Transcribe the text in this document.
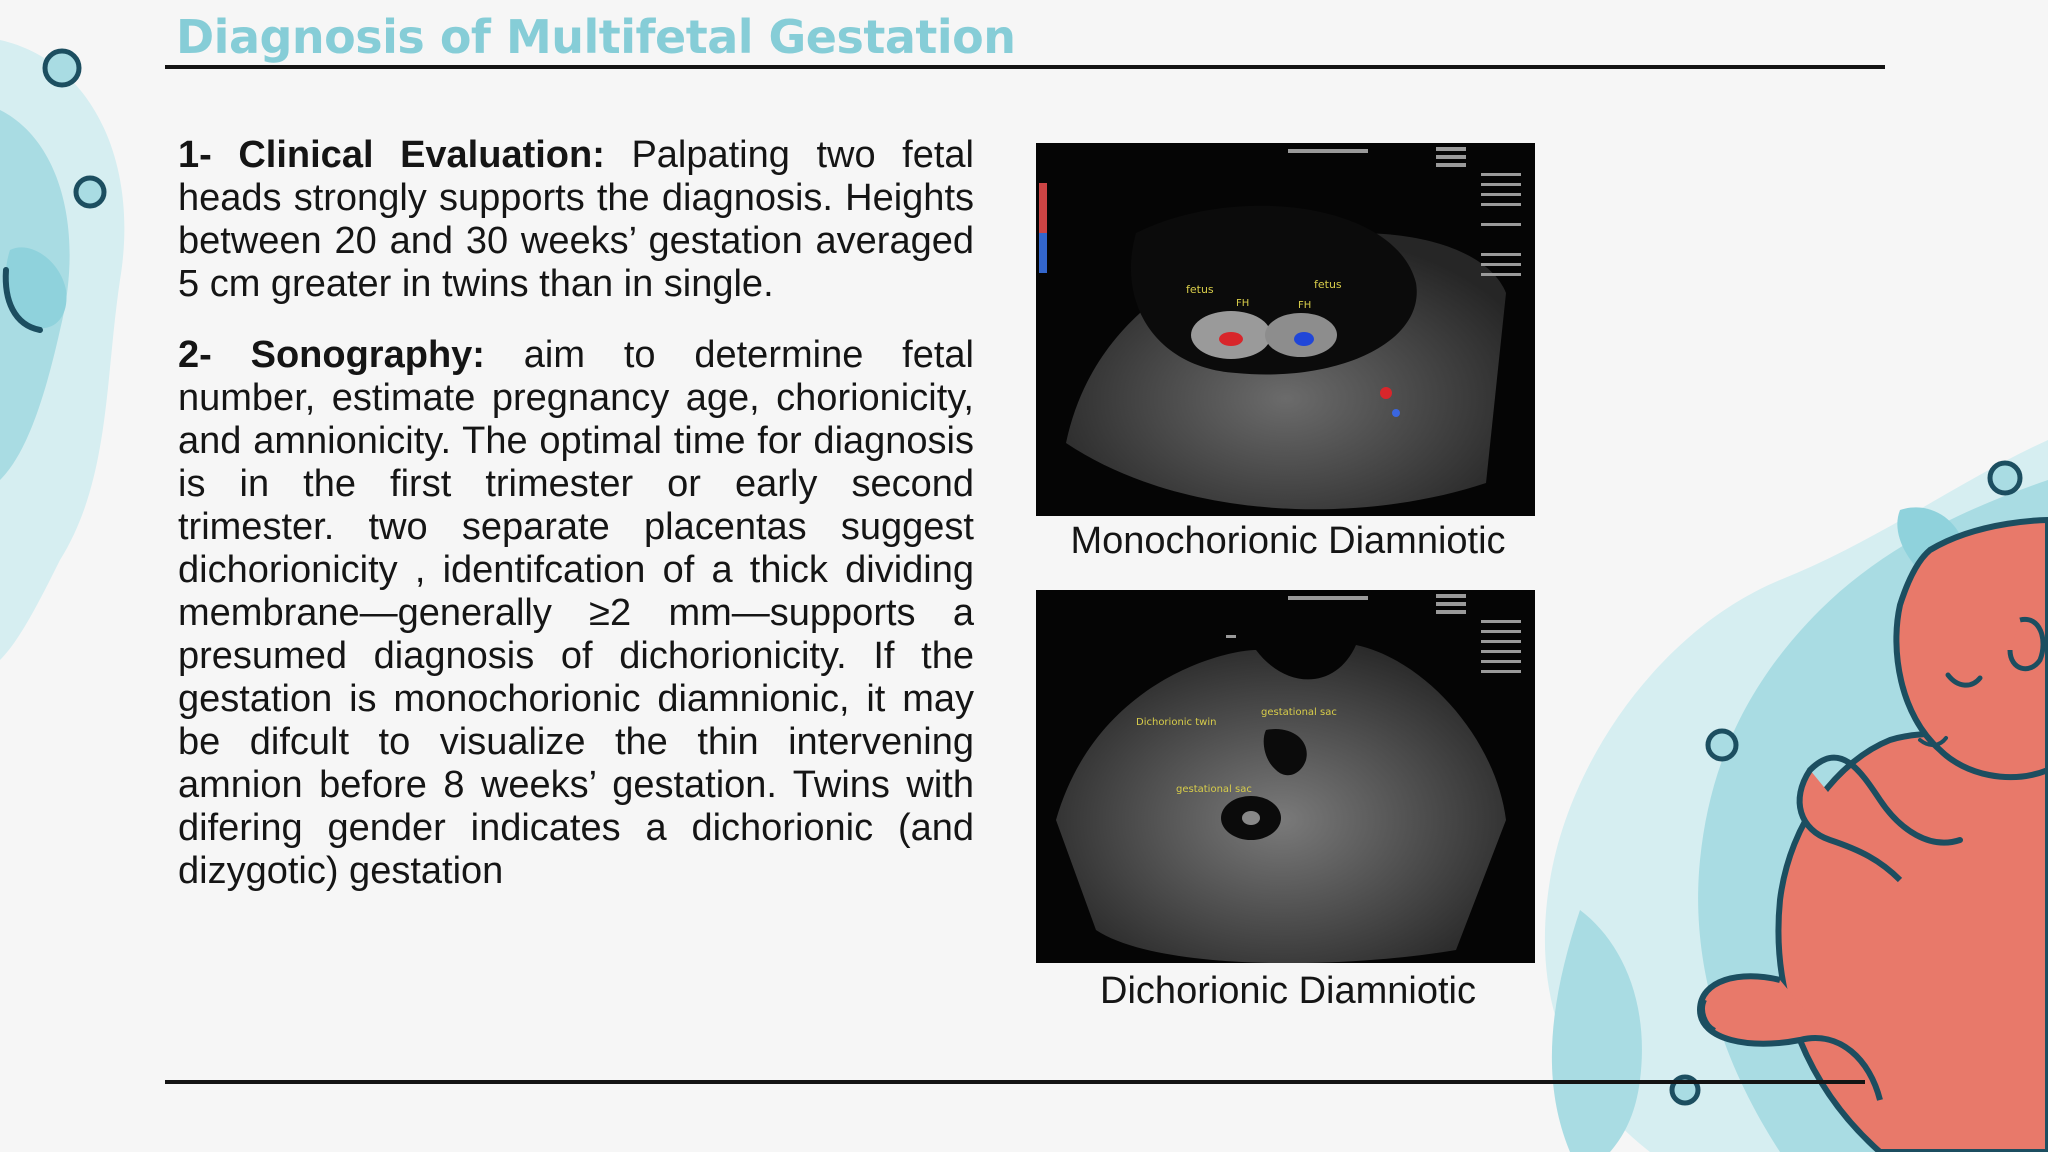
Diagnosis of Multifetal Gestation

1- Clinical Evaluation: Palpating two fetal heads strongly supports the diagnosis. Heights between 20 and 30 weeks’ gestation averaged 5 cm greater in twins than in single.

2- Sonography: aim to determine fetal number, estimate pregnancy age, chorionicity, and amnionicity. The optimal time for diagnosis is in the first trimester or early second trimester. two separate placentas suggest dichorionicity , identifcation of a thick dividing membrane—generally ≥2 mm—supports a presumed diagnosis of dichorionicity. If the gestation is monochorionic diamnionic, it may be difcult to visualize the thin intervening amnion before 8 weeks’ gestation. Twins with difering gender indicates a dichorionic (and dizygotic) gestation

fetus	fetus
FH	FH
Monochorionic Diamniotic
Dichorionic twin
gestational sac
gestational sac
Dichorionic Diamniotic
